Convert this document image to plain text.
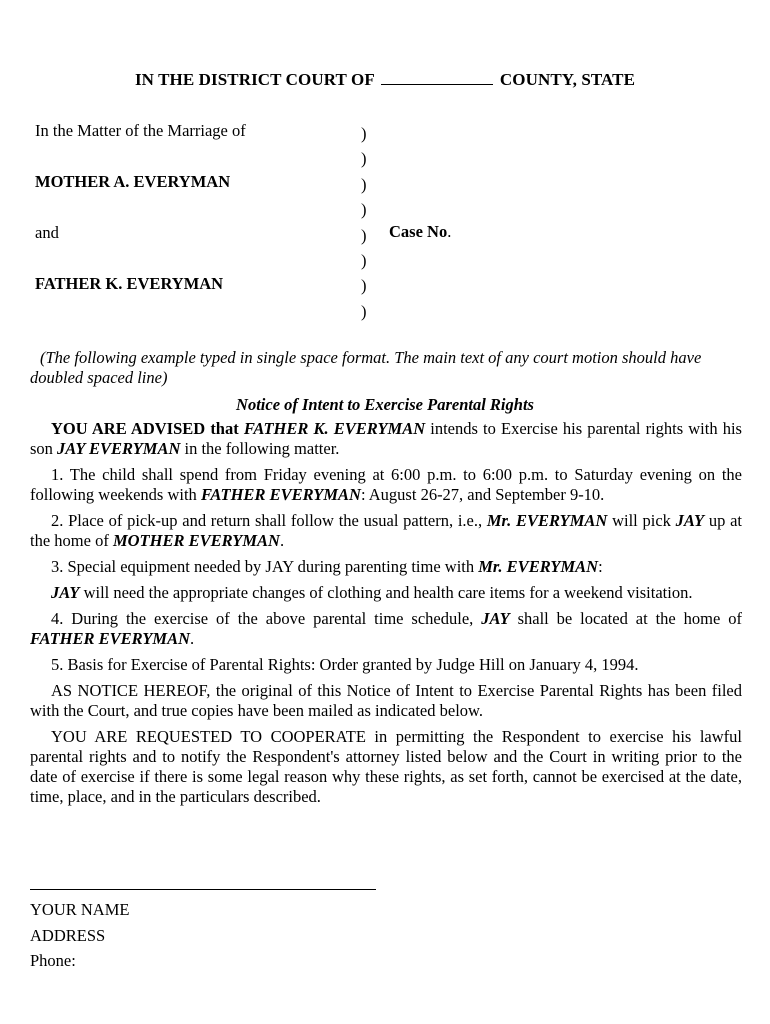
IN THE DISTRICT COURT OF	COUNTY, STATE
In the Matter of the Marriage of
MOTHER A. EVERYMAN
and
FATHER K. EVERYMAN
)
)
)
)
)
)
)
)
Case No.
(The following example typed in single space format. The main text of any court motion should have doubled spaced line)
Notice of Intent to Exercise Parental Rights

YOU ARE ADVISED that FATHER K. EVERYMAN intends to Exercise his parental rights with his son JAY EVERYMAN in the following matter.

1. The child shall spend from Friday evening at 6:00 p.m. to 6:00 p.m. to Saturday evening on the following weekends with FATHER EVERYMAN: August 26-27, and September 9-10.

2. Place of pick-up and return shall follow the usual pattern, i.e., Mr. EVERYMAN will pick JAY up at the home of MOTHER EVERYMAN.

3. Special equipment needed by JAY during parenting time with Mr. EVERYMAN:

JAY will need the appropriate changes of clothing and health care items for a weekend visitation.

4. During the exercise of the above parental time schedule, JAY shall be located at the home of FATHER EVERYMAN.

5. Basis for Exercise of Parental Rights: Order granted by Judge Hill on January 4, 1994.

AS NOTICE HEREOF, the original of this Notice of Intent to Exercise Parental Rights has been filed with the Court, and true copies have been mailed as indicated below.

YOU ARE REQUESTED TO COOPERATE in permitting the Respondent to exercise his lawful parental rights and to notify the Respondent's attorney listed below and the Court in writing prior to the date of exercise if there is some legal reason why these rights, as set forth, cannot be exercised at the date, time, place, and in the particulars described.

YOUR NAME
ADDRESS
Phone:
